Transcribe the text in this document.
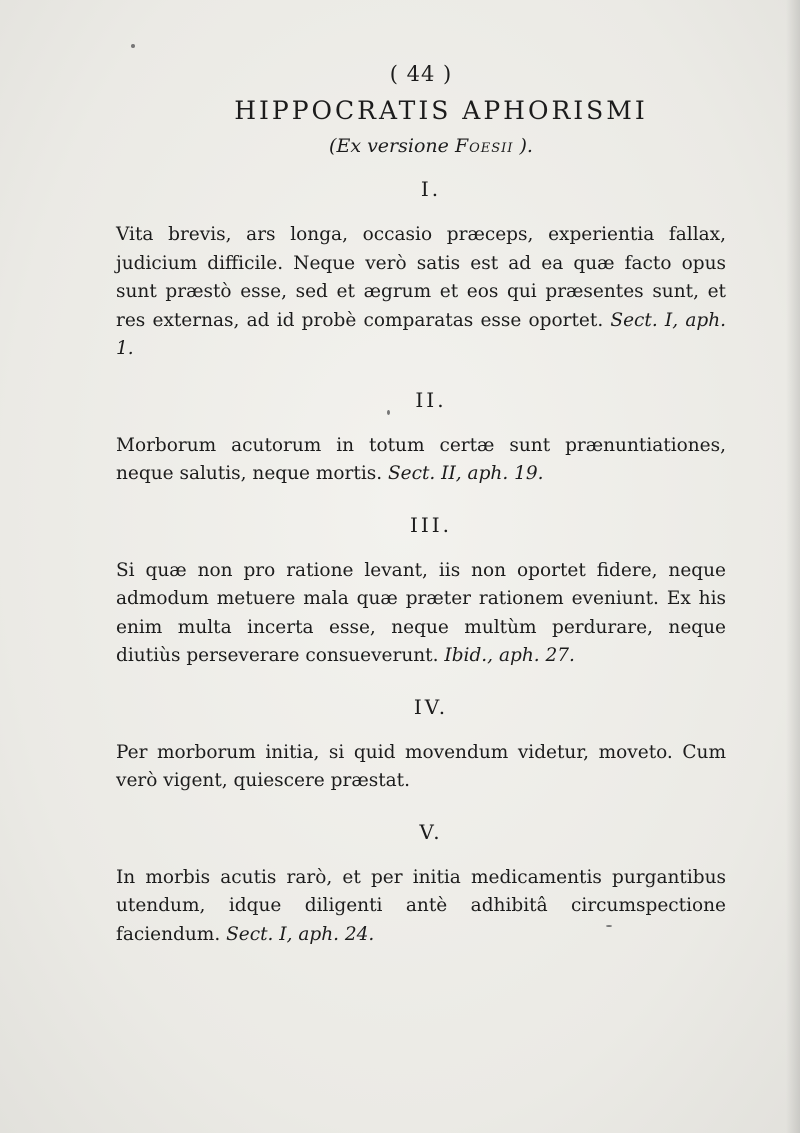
( 44 )
HIPPOCRATIS APHORISMI
(Ex versione Foesii ).
I.

Vita brevis, ars longa, occasio præceps, experientia fallax, judicium difficile. Neque verò satis est ad ea quæ facto opus sunt præstò esse, sed et ægrum et eos qui præsentes sunt, et res externas, ad id probè comparatas esse oportet. Sect. I, aph. 1.

II.

Morborum acutorum in totum certæ sunt prænuntiationes, neque salutis, neque mortis. Sect. II, aph. 19.

III.

Si quæ non pro ratione levant, iis non oportet fidere, neque admodum metuere mala quæ præter rationem eveniunt. Ex his enim multa incerta esse, neque multùm perdurare, neque diutiùs perseverare consueverunt. Ibid., aph. 27.

IV.

Per morborum initia, si quid movendum videtur, moveto. Cum verò vigent, quiescere præstat.

V.

In morbis acutis rarò, et per initia medicamentis purgantibus utendum, idque diligenti antè adhibitâ circumspectione faciendum. Sect. I, aph. 24.
